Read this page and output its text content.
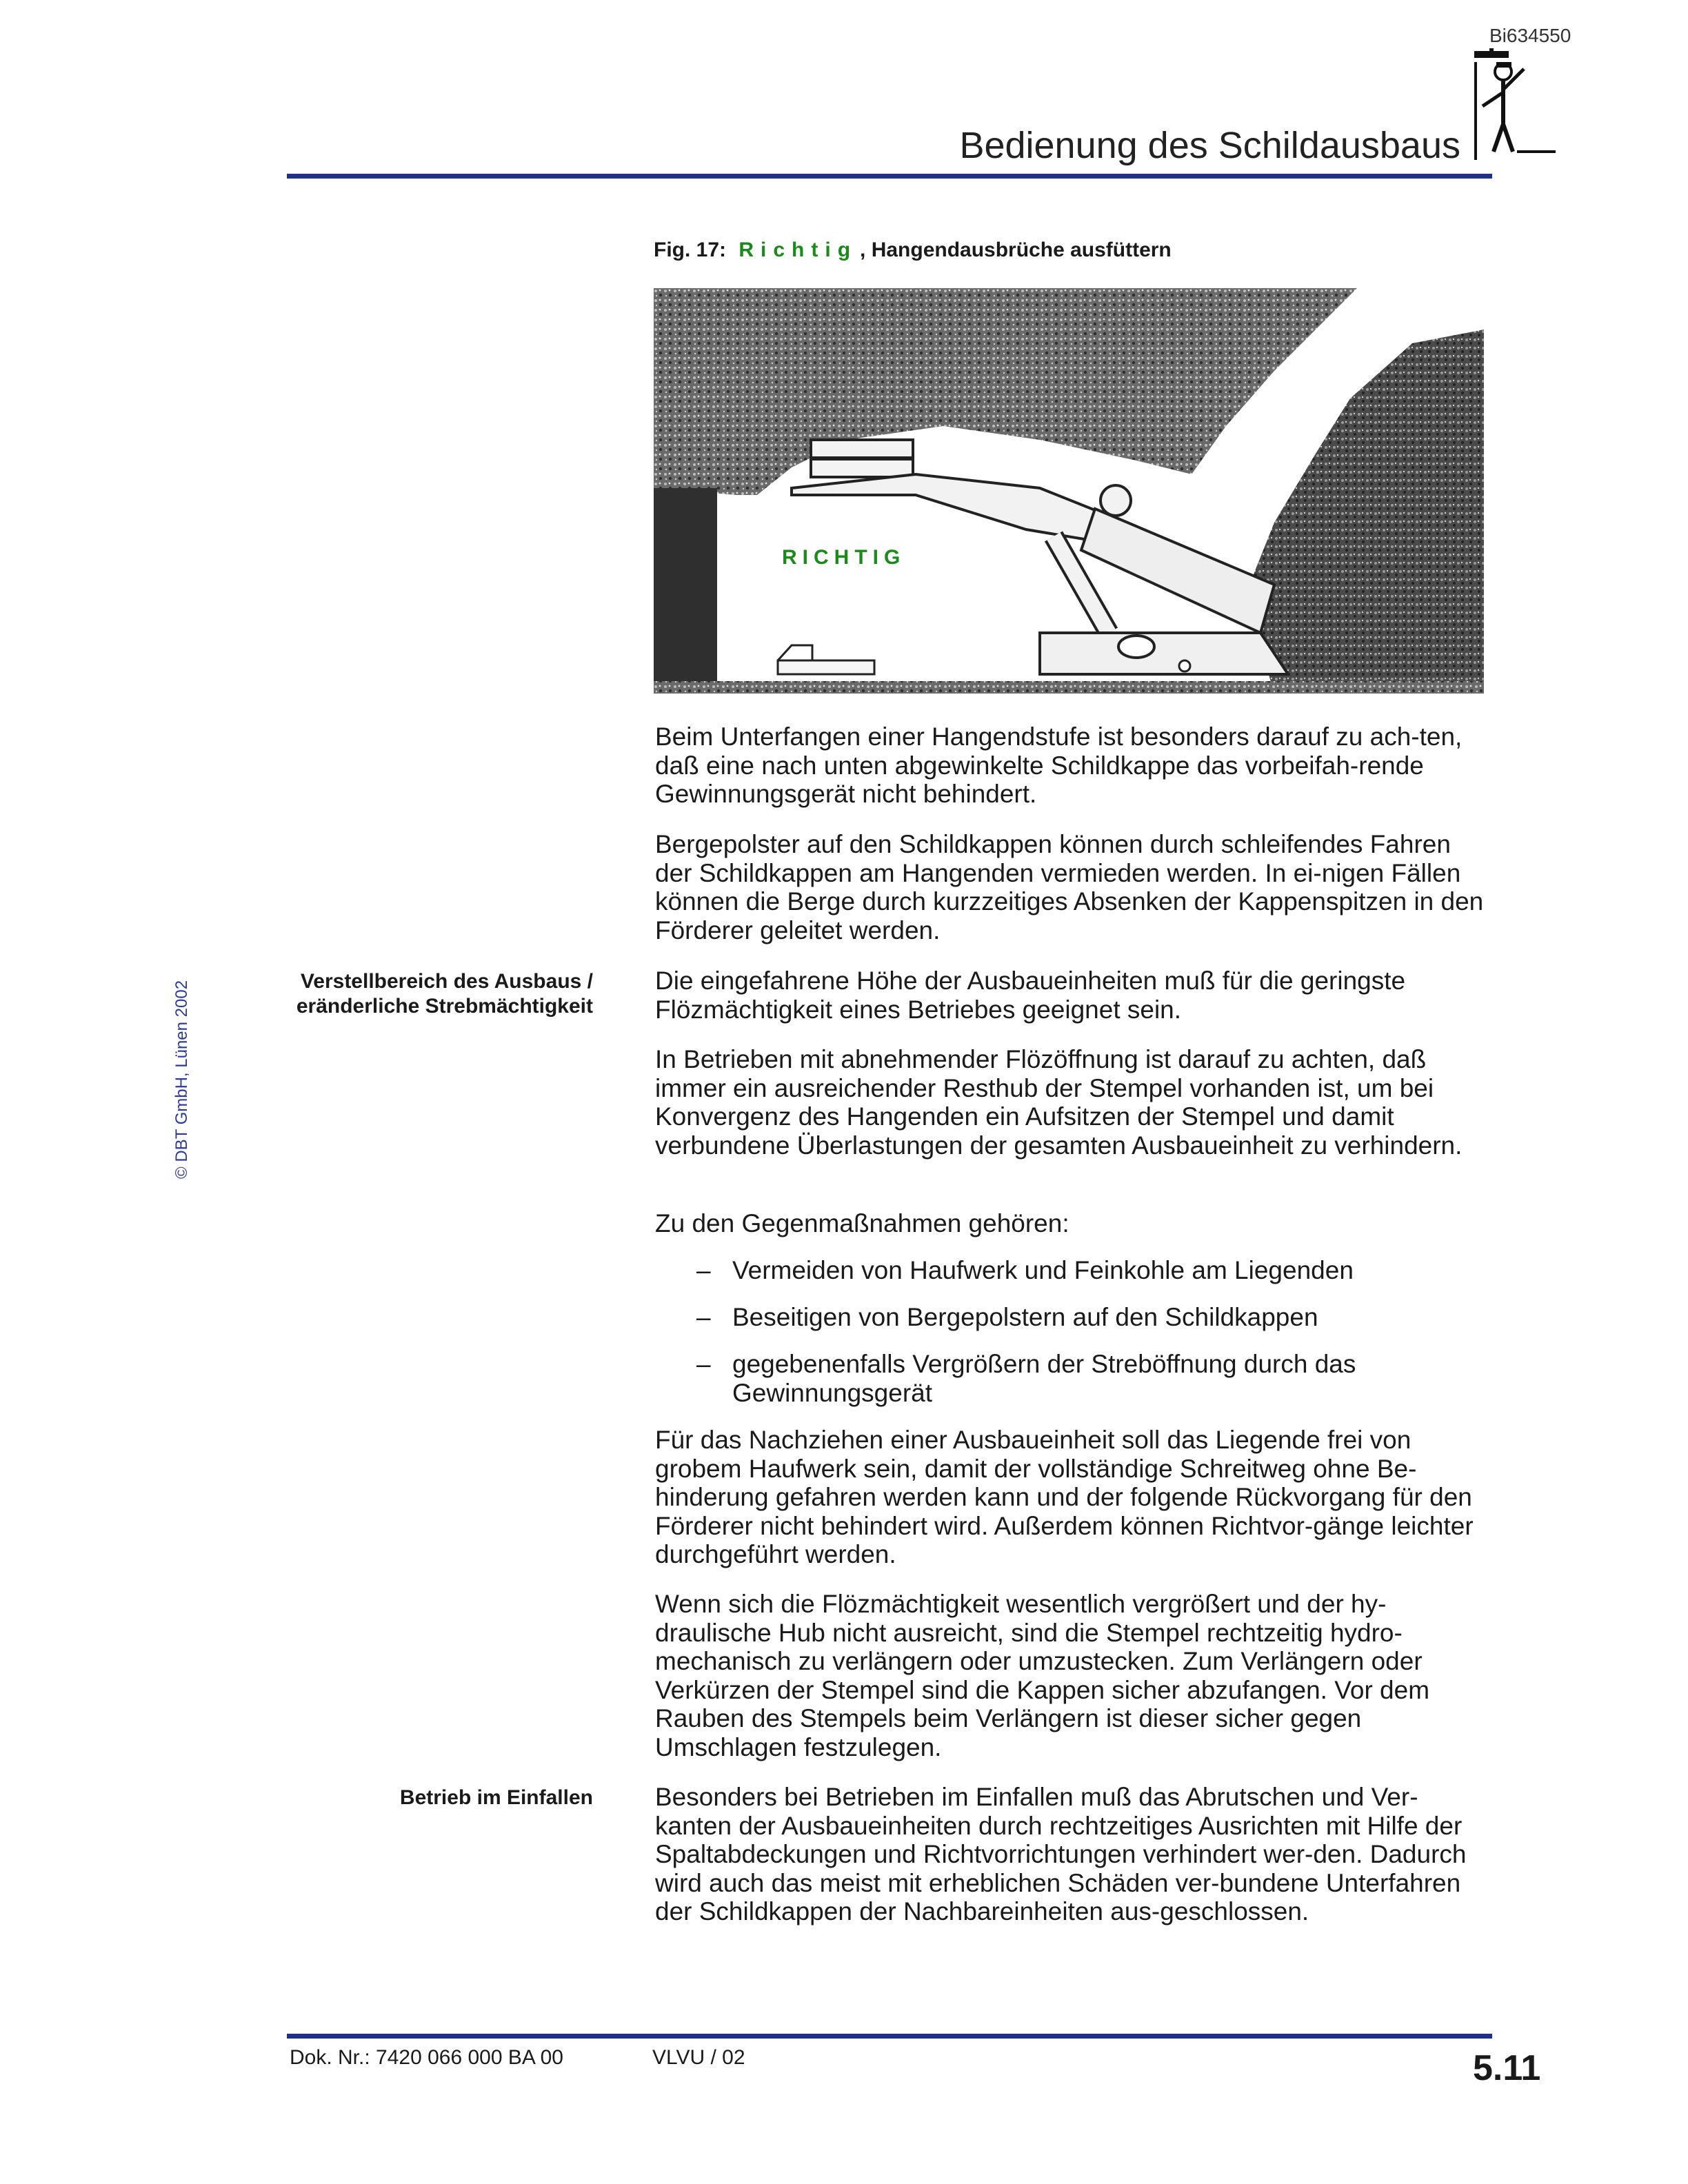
Bi634550
Bedienung des Schildausbaus
Fig. 17: Richtig , Hangendausbrüche ausfüttern
RICHTIG
© DBT GmbH, Lünen 2002	Verstellbereich des Ausbaus / eränderliche Strebmächtigkeit
Betrieb im Einfallen
Beim Unterfangen einer Hangendstufe ist besonders darauf zu ach-ten, daß eine nach unten abgewinkelte Schildkappe das vorbeifah-rende Gewinnungsgerät nicht behindert.
Bergepolster auf den Schildkappen können durch schleifendes Fahren der Schildkappen am Hangenden vermieden werden. In ei-nigen Fällen können die Berge durch kurzzeitiges Absenken der Kappenspitzen in den Förderer geleitet werden.
Die eingefahrene Höhe der Ausbaueinheiten muß für die geringste Flözmächtigkeit eines Betriebes geeignet sein.
In Betrieben mit abnehmender Flözöffnung ist darauf zu achten, daß immer ein ausreichender Resthub der Stempel vorhanden ist, um bei Konvergenz des Hangenden ein Aufsitzen der Stempel und damit verbundene Überlastungen der gesamten Ausbaueinheit zu verhindern.
Zu den Gegenmaßnahmen gehören:
– Vermeiden von Haufwerk und Feinkohle am Liegenden
– Beseitigen von Bergepolstern auf den Schildkappen
– gegebenenfalls Vergrößern der Streböffnung durch das Gewinnungsgerät
Für das Nachziehen einer Ausbaueinheit soll das Liegende frei von grobem Haufwerk sein, damit der vollständige Schreitweg ohne Be-hinderung gefahren werden kann und der folgende Rückvorgang für den Förderer nicht behindert wird. Außerdem können Richtvor-gänge leichter durchgeführt werden.
Wenn sich die Flözmächtigkeit wesentlich vergrößert und der hy-draulische Hub nicht ausreicht, sind die Stempel rechtzeitig hydro-mechanisch zu verlängern oder umzustecken. Zum Verlängern oder Verkürzen der Stempel sind die Kappen sicher abzufangen. Vor dem Rauben des Stempels beim Verlängern ist dieser sicher gegen Umschlagen festzulegen.
Besonders bei Betrieben im Einfallen muß das Abrutschen und Ver-kanten der Ausbaueinheiten durch rechtzeitiges Ausrichten mit Hilfe der Spaltabdeckungen und Richtvorrichtungen verhindert wer-den. Dadurch wird auch das meist mit erheblichen Schäden ver-bundene Unterfahren der Schildkappen der Nachbareinheiten aus-geschlossen.
Dok. Nr.: 7420 066 000 BA 00	VLVU / 02	5.11
